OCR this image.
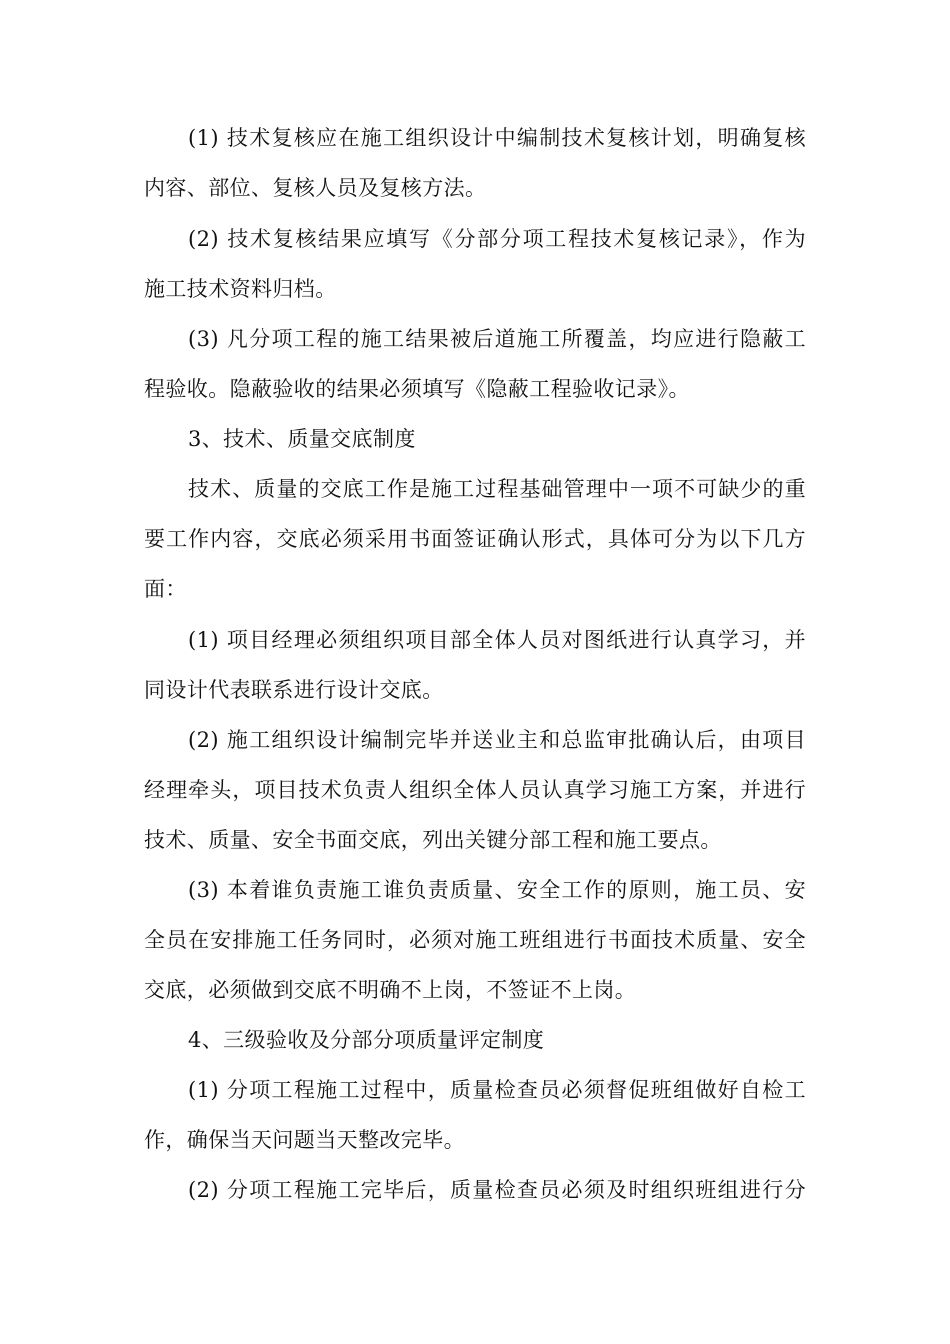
(1) 技术复核应在施工组织设计中编制技术复核计划，明确复核
内容、部位、复核人员及复核方法。
(2) 技术复核结果应填写《分部分项工程技术复核记录》，作为
施工技术资料归档。
(3) 凡分项工程的施工结果被后道施工所覆盖，均应进行隐蔽工
程验收。隐蔽验收的结果必须填写《隐蔽工程验收记录》。
3、技术、质量交底制度
技术、质量的交底工作是施工过程基础管理中一项不可缺少的重
要工作内容，交底必须采用书面签证确认形式，具体可分为以下几方
面：
(1) 项目经理必须组织项目部全体人员对图纸进行认真学习，并
同设计代表联系进行设计交底。
(2) 施工组织设计编制完毕并送业主和总监审批确认后，由项目
经理牵头，项目技术负责人组织全体人员认真学习施工方案，并进行
技术、质量、安全书面交底，列出关键分部工程和施工要点。
(3) 本着谁负责施工谁负责质量、安全工作的原则，施工员、安
全员在安排施工任务同时，必须对施工班组进行书面技术质量、安全
交底，必须做到交底不明确不上岗，不签证不上岗。
4、三级验收及分部分项质量评定制度
(1) 分项工程施工过程中，质量检查员必须督促班组做好自检工
作，确保当天问题当天整改完毕。
(2) 分项工程施工完毕后，质量检查员必须及时组织班组进行分
